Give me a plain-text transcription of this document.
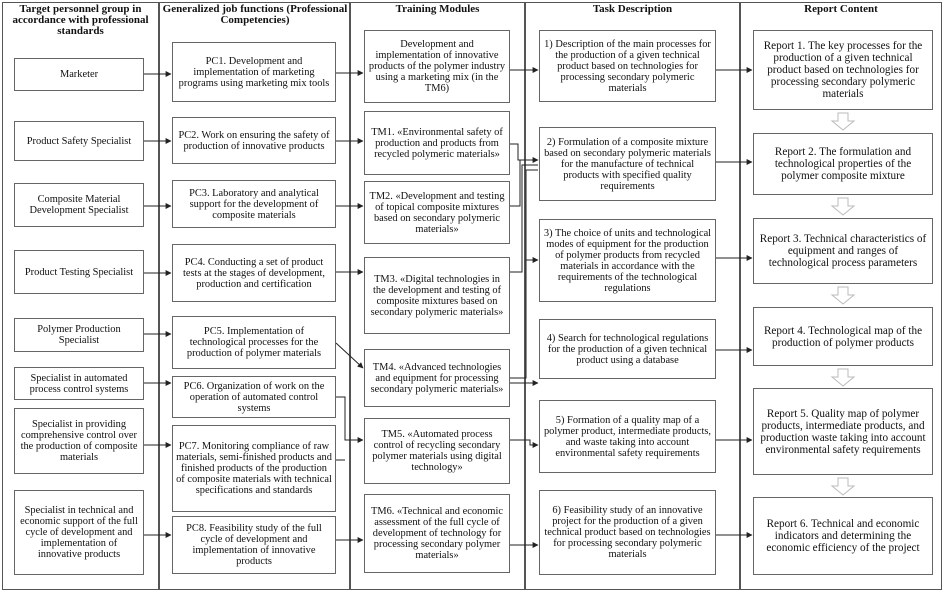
Target personnel group in accordance with professional standards
Generalized job functions (Professional Competencies)
Training Modules	Task Description	Report Content
Marketer
Product Safety Specialist
Composite Material Development Specialist
Product Testing Specialist
Polymer Production Specialist
Specialist in automated process control systems
Specialist in providing comprehensive control over the production of composite materials
Specialist in technical and economic support of the full cycle of development and implementation of innovative products
PC1. Development and implementation of marketing programs using marketing mix tools
PC2. Work on ensuring the safety of production of innovative products
PC3. Laboratory and analytical support for the development of composite materials
PC4. Conducting a set of product tests at the stages of development, production and certification
PC5. Implementation of technological processes for the production of polymer materials
PC6. Organization of work on the operation of automated control systems
PC7. Monitoring compliance of raw materials, semi-finished products and finished products of the production of composite materials with technical specifications and standards
PC8. Feasibility study of the full cycle of development and implementation of innovative products
Development and implementation of innovative products of the polymer industry using a marketing mix (in the TM6)
TM1. «Environmental safety of production and products from recycled polymeric materials»
TM2. «Development and testing of topical composite mixtures based on secondary polymeric materials»
TM3. «Digital technologies in the development and testing of composite mixtures based on secondary polymeric materials»
TM4. «Advanced technologies and equipment for processing secondary polymeric materials»
TM5. «Automated process control of recycling secondary polymer materials using digital technology»
TM6. «Technical and economic assessment of the full cycle of development of technology for processing secondary polymer materials»
1) Description of the main processes for the production of a given technical product based on technologies for processing secondary polymeric materials
2) Formulation of a composite mixture based on secondary polymeric materials for the manufacture of technical products with specified quality requirements
3) The choice of units and technological modes of equipment for the production of polymer products from recycled materials in accordance with the requirements of the technological regulations
4) Search for technological regulations for the production of a given technical product using a database
5) Formation of a quality map of a polymer product, intermediate products, and waste taking into account environmental safety requirements
6) Feasibility study of an innovative project for the production of a given technical product based on technologies for processing secondary polymeric materials
Report 1. The key processes for the production of a given technical product based on technologies for processing secondary polymeric materials
Report 2. The formulation and technological properties of the polymer composite mixture
Report 3. Technical characteristics of equipment and ranges of technological process parameters
Report 4. Technological map of the production of polymer products
Report 5. Quality map of polymer products, intermediate products, and production waste taking into account environmental safety requirements
Report 6. Technical and economic indicators and determining the economic efficiency of the project
